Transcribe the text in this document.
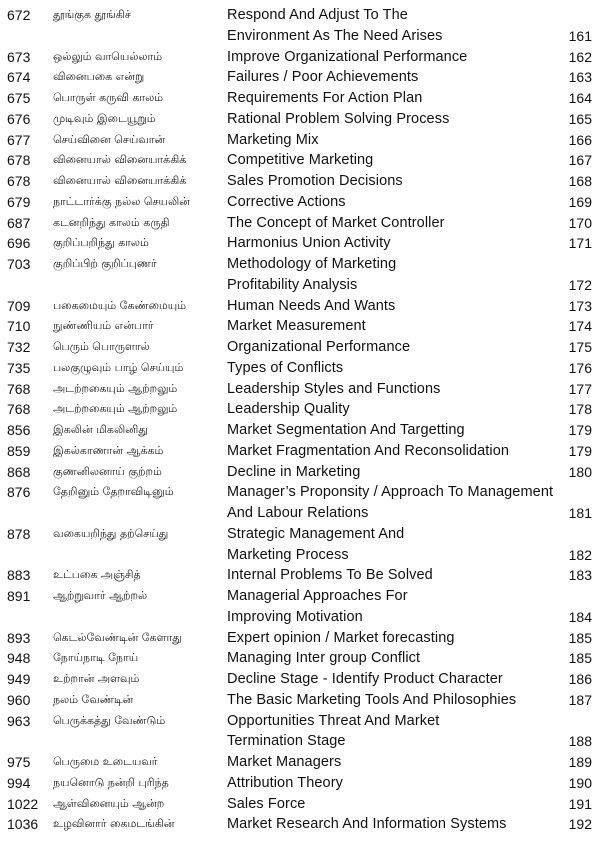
672 தூங்குக தூங்கிச்	Respond And Adjust To The
Environment As The Need Arises	161
673 ஒல்லும் வாயெல்லாம்	Improve Organizational Performance	162
674 வினைபகை என்று	Failures / Poor Achievements	163
675 பொருள் கருவி காலம்	Requirements For Action Plan	164
676 முடிவும் இடையூறும்	Rational Problem Solving Process	165
677 செய்வினை செய்வான்	Marketing Mix	166
678 வினையால் வினையாக்கிக்	Competitive Marketing	167
678 வினையால் வினையாக்கிக்	Sales Promotion Decisions	168
679 நாட்டார்க்கு நல்ல செயலின்	Corrective Actions	169
687 கடனறிந்து காலம் கருதி	The Concept of Market Controller	170
696 குறிப்பறிந்து காலம்	Harmonius Union Activity	171
703 குறிப்பிற் குறிப்புணர்	Methodology of Marketing
Profitability Analysis	172
709 பகைமையும் கேண்மையும்	Human Needs And Wants	173
710 நுண்ணியம் என்பார்	Market Measurement	174
732 பெரும் பொருளால்	Organizational Performance	175
735 பலகுழுவும் பாழ் செய்யும்	Types of Conflicts	176
768 அடற்றகையும் ஆற்றலும்	Leadership Styles and Functions	177
768 அடற்றகையும் ஆற்றலும்	Leadership Quality	178
856 இகலின் மிகலினிது	Market Segmentation And Targetting	179
859 இகல்காணான் ஆக்கம்	Market Fragmentation And Reconsolidation	179
868 குணனிலனாய் குற்றம்	Decline in Marketing	180
876 தேறினும் தேறாவிடினும்	Manager’s Proponsity / Approach To Management
And Labour Relations	181
878 வகையறிந்து தற்செய்து	Strategic Management And
Marketing Process	182
883 உட்பகை அஞ்சித்	Internal Problems To Be Solved	183
891 ஆற்றுவார் ஆற்றல்	Managerial Approaches For
Improving Motivation	184
893 கெடல்வேண்டின் கேளாது	Expert opinion / Market forecasting	185
948 நோய்நாடி நோய்	Managing Inter group Conflict	185
949 உற்றான் அளவும்	Decline Stage - Identify Product Character	186
960 நலம் வேண்டின்	The Basic Marketing Tools And Philosophies	187
963 பெருக்கத்து வேண்டும்	Opportunities Threat And Market
Termination Stage	188
975 பெருமை உடையவர்	Market Managers	189
994 நயனொடு நன்றி புரிந்த	Attribution Theory	190
1022 ஆள்வினையும் ஆன்ற	Sales Force	191
1036 உழவினார் கைமடங்கின்	Market Research And Information Systems	192
